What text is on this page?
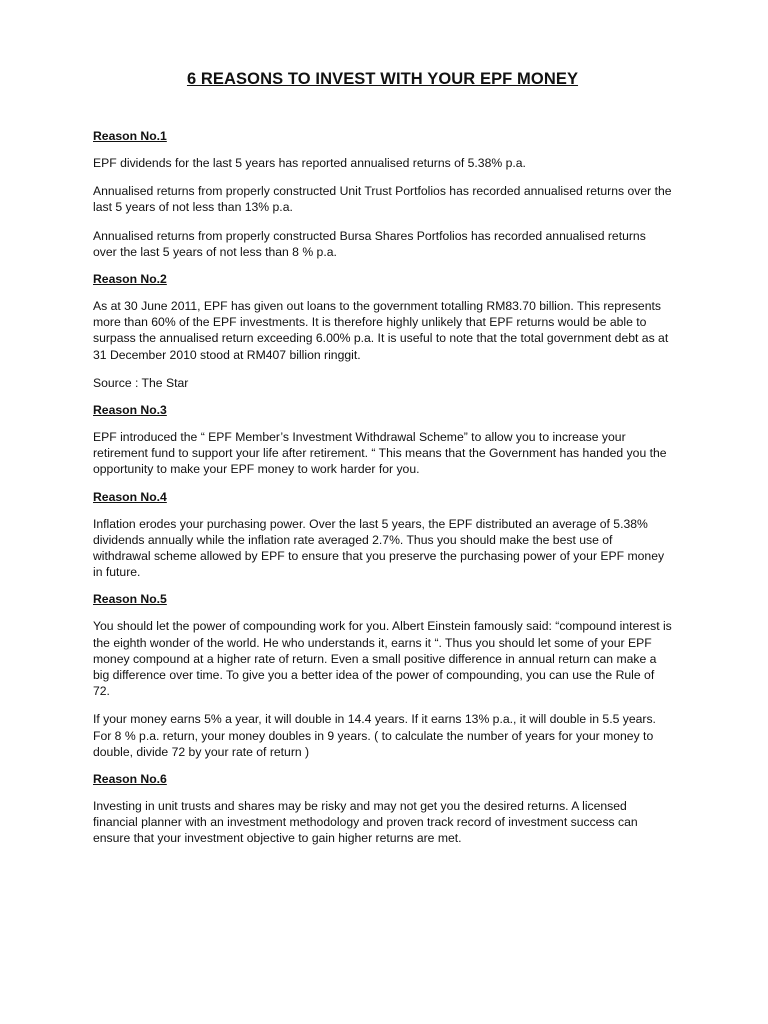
6 REASONS TO INVEST WITH YOUR EPF MONEY
Reason No.1

EPF dividends for the last 5 years has reported annualised returns of 5.38% p.a.

Annualised returns from properly constructed Unit Trust Portfolios has recorded annualised returns over the last 5 years of not less than 13% p.a.

Annualised returns from properly constructed Bursa Shares Portfolios has recorded annualised returns over the last 5 years of not less than 8 % p.a.

Reason No.2

As at 30 June 2011, EPF has given out loans to the government totalling RM83.70 billion. This represents more than 60% of the EPF investments. It is therefore highly unlikely that EPF returns would be able to surpass the annualised return exceeding 6.00% p.a. It is useful to note that the total government debt as at 31 December 2010 stood at RM407 billion ringgit.

Source : The Star

Reason No.3

EPF introduced the “ EPF Member’s Investment Withdrawal Scheme” to allow you to increase your retirement fund to support your life after retirement. “ This means that the Government has handed you the opportunity to make your EPF money to work harder for you.

Reason No.4

Inflation erodes your purchasing power. Over the last 5 years, the EPF distributed an average of 5.38% dividends annually while the inflation rate averaged 2.7%. Thus you should make the best use of withdrawal scheme allowed by EPF to ensure that you preserve the purchasing power of your EPF money in future.

Reason No.5

You should let the power of compounding work for you. Albert Einstein famously said: “compound interest is the eighth wonder of the world. He who understands it, earns it “. Thus you should let some of your EPF money compound at a higher rate of return. Even a small positive difference in annual return can make a big difference over time. To give you a better idea of the power of compounding, you can use the Rule of 72.

If your money earns 5% a year, it will double in 14.4 years. If it earns 13% p.a., it will double in 5.5 years. For 8 % p.a. return, your money doubles in 9 years. ( to calculate the number of years for your money to double, divide 72 by your rate of return )

Reason No.6

Investing in unit trusts and shares may be risky and may not get you the desired returns. A licensed financial planner with an investment methodology and proven track record of investment success can ensure that your investment objective to gain higher returns are met.
